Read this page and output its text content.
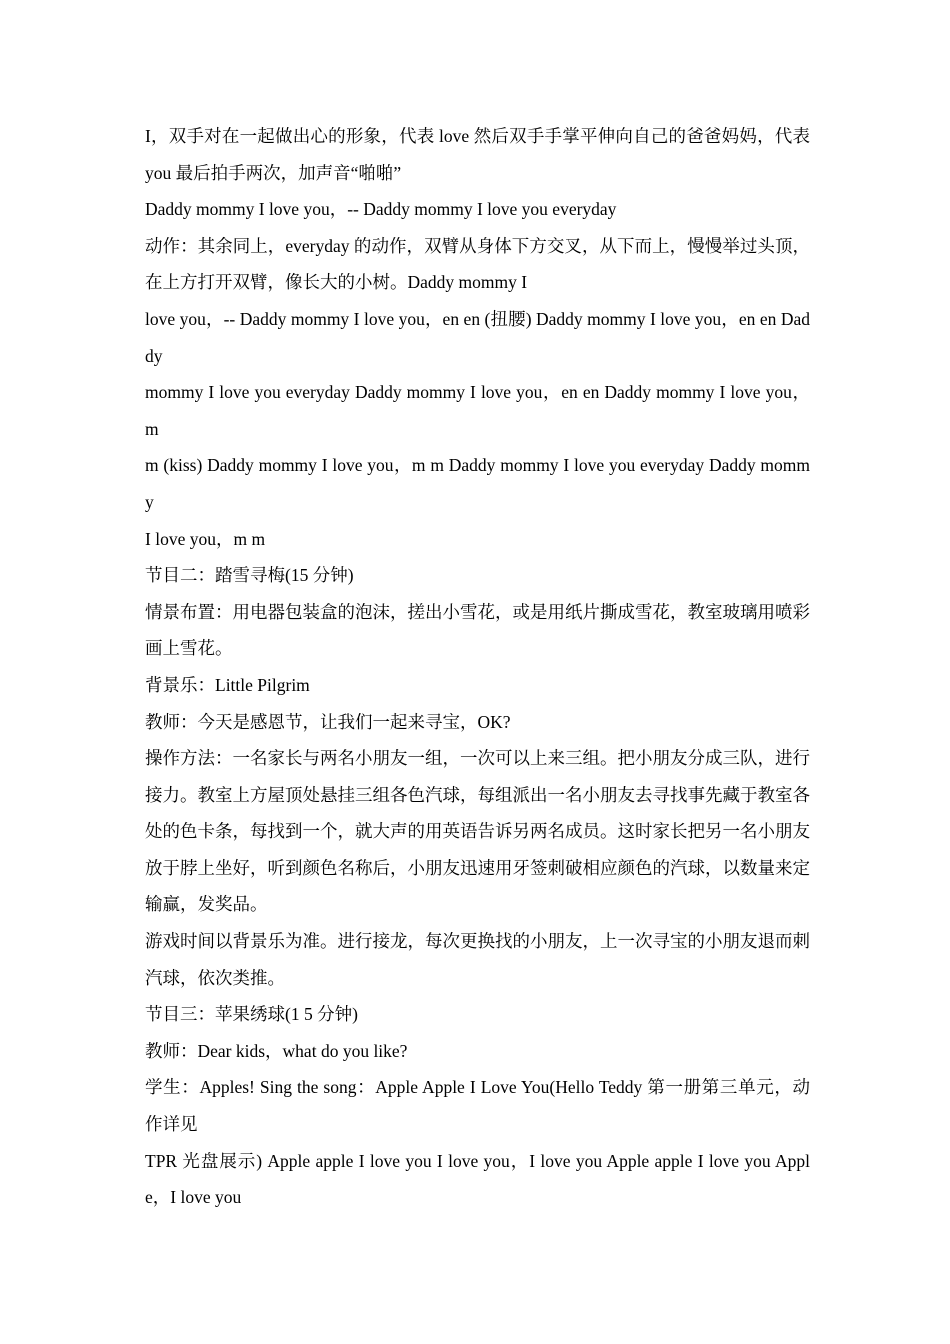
I，双手对在一起做出心的形象，代表 love 然后双手手掌平伸向自己的爸爸妈妈，代表 you 最后拍手两次，加声音“啪啪”

Daddy mommy I love you，-- Daddy mommy I love you everyday

动作：其余同上，everyday 的动作，双臂从身体下方交叉，从下而上，慢慢举过头顶，在上方打开双臂，像长大的小树。Daddy mommy I

love you，-- Daddy mommy I love you，en en (扭腰) Daddy mommy I love you，en en Daddy

mommy I love you everyday Daddy mommy I love you，en en Daddy mommy I love you，m

m (kiss) Daddy mommy I love you，m m Daddy mommy I love you everyday Daddy mommy

I love you，m m

节目二：踏雪寻梅(15 分钟)

情景布置：用电器包装盒的泡沫，搓出小雪花，或是用纸片撕成雪花，教室玻璃用喷彩画上雪花。

背景乐：Little Pilgrim

教师：今天是感恩节，让我们一起来寻宝，OK?

操作方法：一名家长与两名小朋友一组，一次可以上来三组。把小朋友分成三队，进行接力。教室上方屋顶处悬挂三组各色汽球，每组派出一名小朋友去寻找事先藏于教室各处的色卡条，每找到一个，就大声的用英语告诉另两名成员。这时家长把另一名小朋友放于脖上坐好，听到颜色名称后，小朋友迅速用牙签刺破相应颜色的汽球，以数量来定输赢，发奖品。

游戏时间以背景乐为准。进行接龙，每次更换找的小朋友，上一次寻宝的小朋友退而刺汽球，依次类推。

节目三：苹果绣球(1 5 分钟)

教师：Dear kids，what do you like?

学生：Apples! Sing the song：Apple Apple I Love You(Hello Teddy 第一册第三单元，动作详见

TPR 光盘展示) Apple apple I love you I love you，I love you Apple apple I love you Apple，I love you
